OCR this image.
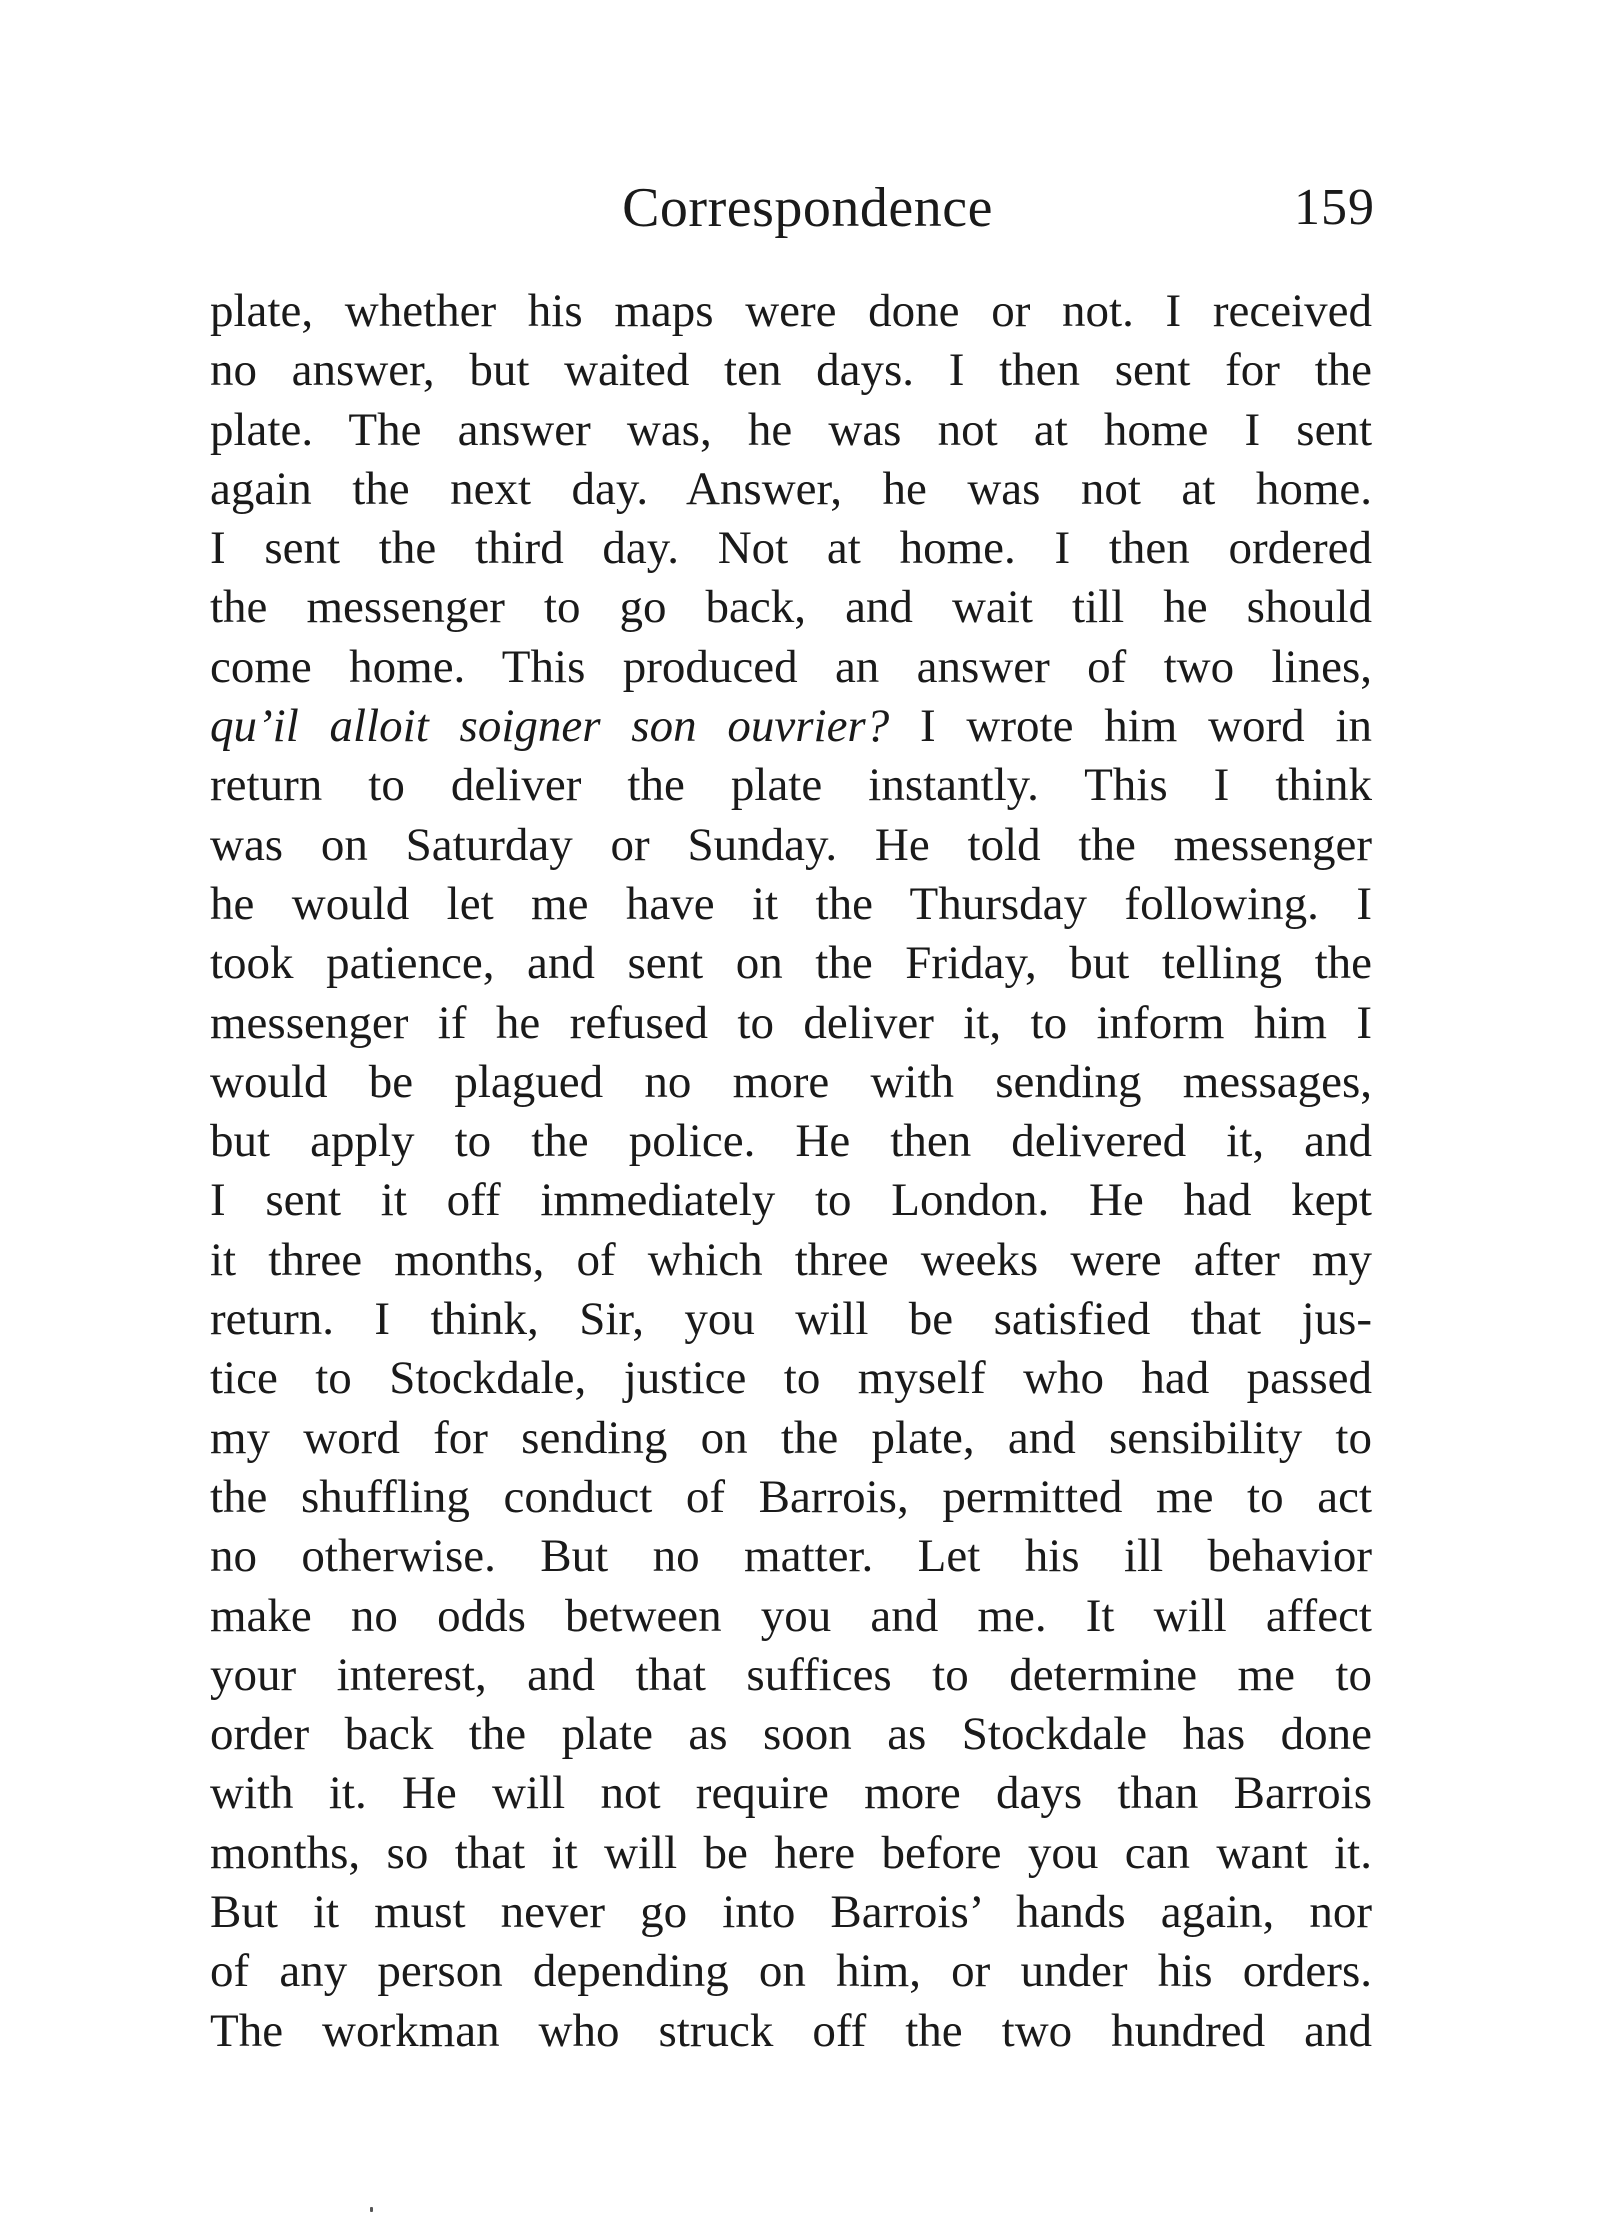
Correspondence	159
plate, whether his maps were done or not. I received
no answer, but waited ten days. I then sent for the
plate. The answer was, he was not at home I sent
again the next day. Answer, he was not at home.
I sent the third day. Not at home. I then ordered
the messenger to go back, and wait till he should
come home. This produced an answer of two lines,
qu’il alloit soigner son ouvrier? I wrote him word in
return to deliver the plate instantly. This I think
was on Saturday or Sunday. He told the messenger
he would let me have it the Thursday following. I
took patience, and sent on the Friday, but telling the
messenger if he refused to deliver it, to inform him I
would be plagued no more with sending messages,
but apply to the police. He then delivered it, and
I sent it off immediately to London. He had kept
it three months, of which three weeks were after my
return. I think, Sir, you will be satisfied that jus-
tice to Stockdale, justice to myself who had passed
my word for sending on the plate, and sensibility to
the shuffling conduct of Barrois, permitted me to act
no otherwise. But no matter. Let his ill behavior
make no odds between you and me. It will affect
your interest, and that suffices to determine me to
order back the plate as soon as Stockdale has done
with it. He will not require more days than Barrois
months, so that it will be here before you can want it.
But it must never go into Barrois’ hands again, nor
of any person depending on him, or under his orders.
The workman who struck off the two hundred and
